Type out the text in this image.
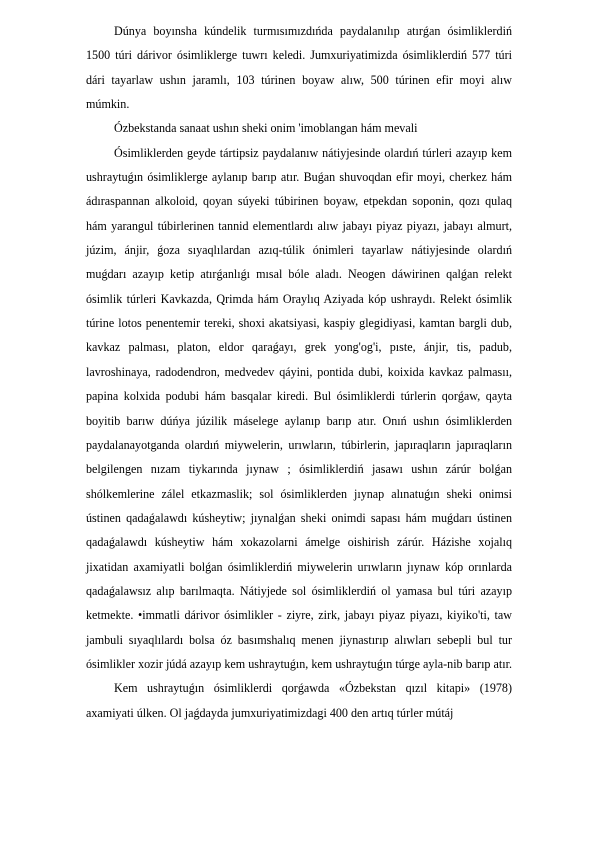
Dúnya boyınsha kúndelik turmısımızdıńda paydalanılıp atırǵan ósimliklerdiń 1500 túri dárivor ósimliklerge tuwrı keledi. Jumxuriyatimizda ósimliklerdiń 577 túri dári tayarlaw ushın jaramlı, 103 túrinen boyaw alıw, 500 túrinen efir moyi alıw múmkin.

Ózbekstanda sanaat ushın sheki onim 'imoblangan hám mevali

Ósimliklerden geyde tártipsiz paydalanıw nátiyjesinde olardıń túrleri azayıp kem ushraytuǵın ósimliklerge aylanıp barıp atır. Buǵan shuvoqdan efir moyi, cherkez hám ádıraspannan alkoloid, qoyan súyeki túbirinen boyaw, etpekdan soponin, qozı qulaq hám yarangul túbirlerinen tannid elementlardı alıw jabayı piyaz piyazı, jabayı almurt, júzim, ánjir, ǵoza sıyaqlılardan azıq-túlik ónimleri tayarlaw nátiyjesinde olardıń muǵdarı azayıp ketip atırǵanlıǵı mısal bóle aladı. Neogen dáwirinen qalǵan relekt ósimlik túrleri Kavkazda, Qrimda hám Oraylıq Aziyada kóp ushraydı. Relekt ósimlik túrine lotos penentemir tereki, shoxi akatsiyasi, kaspiy glegidiyasi, kamtan bargli dub, kavkaz palması, platon, eldor qaraǵayı, grek yong'og'i, pıste, ánjir, tis, padub, lavroshinaya, radodendron, medvedev qáyini, pontida dubi, koixida kavkaz palmasıı, papina kolxida podubi hám basqalar kiredi. Bul ósimliklerdi túrlerin qorǵaw, qayta boyitib barıw dúńya júzilik máselege aylanıp barıp atır. Onıń ushın ósimliklerden paydalanayotganda olardıń miywelerin, urıwların, túbirlerin, japıraqların japıraqların belgilengen nızam tiykarında jıynaw ; ósimliklerdiń jasawı ushın zárúr bolǵan shólkemlerine zálel etkazmaslik; sol ósimliklerden jıynap alınatuǵın sheki onimsi ústinen qadaǵalawdı kúsheytiw; jıynalǵan sheki onimdi sapası hám muǵdarı ústinen qadaǵalawdı kúsheytiw hám xokazolarni ámelge oishirish zárúr. Házishe xojalıq jixatidan axamiyatli bolǵan ósimliklerdiń miywelerin urıwların jıynaw kóp orınlarda qadaǵalawsız alıp barılmaqta. Nátiyjede sol ósimliklerdiń ol yamasa bul túri azayıp ketmekte. •immatli dárivor ósimlikler - ziyre, zirk, jabayı piyaz piyazı, kiyiko'ti, taw jambuli sıyaqlılardı bolsa óz basımshalıq menen jiynastırıp alıwları sebepli bul tur ósimlikler xozir júdá azayıp kem ushraytuǵın, kem ushraytuǵın túrge ayla-nib barıp atır.

Kem ushraytuǵın ósimliklerdi qorǵawda «Ózbekstan qızıl kitapi» (1978) axamiyati úlken. Ol jaǵdayda jumxuriyatimizdagi 400 den artıq túrler mútáj
